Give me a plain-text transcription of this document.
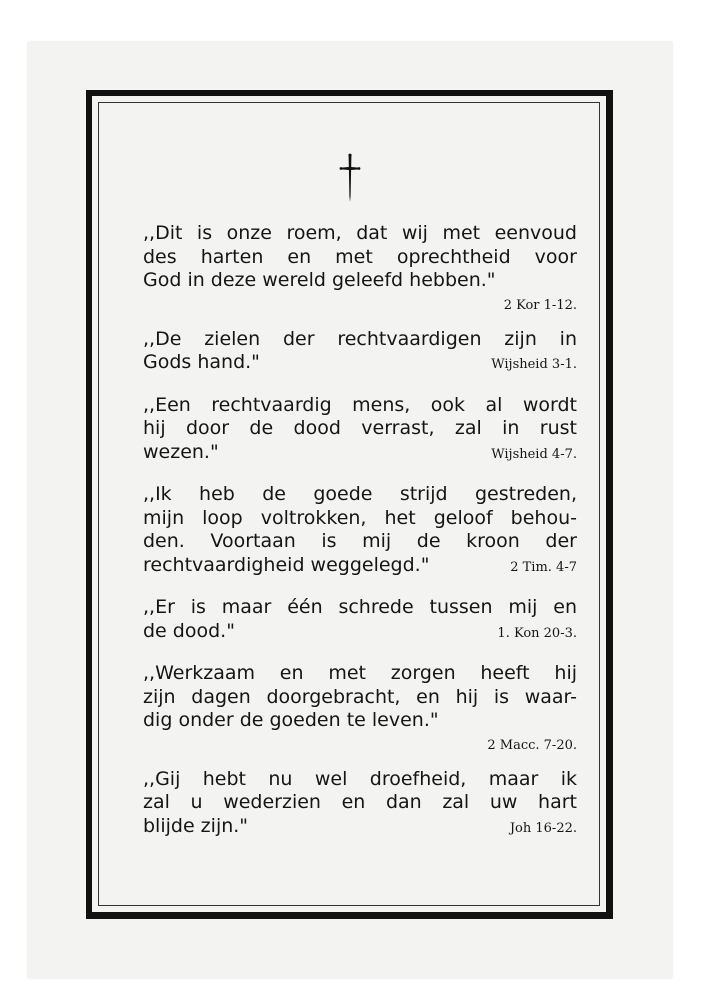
,,Dit is onze roem, dat wij met eenvoud
des harten en met oprechtheid voor
God in deze wereld geleefd hebben."
2 Kor 1-12.
,,De zielen der rechtvaardigen zijn in
Gods hand."	Wijsheid 3-1.
,,Een rechtvaardig mens, ook al wordt
hij door de dood verrast, zal in rust
wezen."	Wijsheid 4-7.
,,Ik heb de goede strijd gestreden,
mijn loop voltrokken, het geloof behou-
den. Voortaan is mij de kroon der
rechtvaardigheid weggelegd."	2 Tim. 4-7
,,Er is maar één schrede tussen mij en
de dood."	1. Kon 20-3.
,,Werkzaam en met zorgen heeft hij
zijn dagen doorgebracht, en hij is waar-
dig onder de goeden te leven."
2 Macc. 7-20.
,,Gij hebt nu wel droefheid, maar ik
zal u wederzien en dan zal uw hart
blijde zijn."	Joh 16-22.
